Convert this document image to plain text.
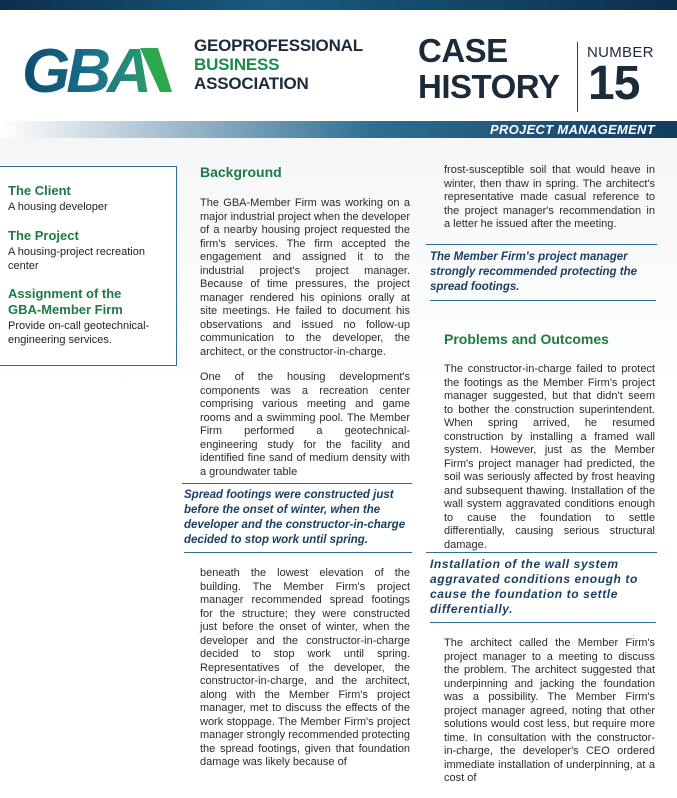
GBA	GEOPROFESSIONAL
BUSINESS
ASSOCIATION
CASE
HISTORY
NUMBER
15
PROJECT MANAGEMENT
The Client
A housing developer
The Project
A housing-project recreation center
Assignment of the
GBA-Member Firm
Provide on-call geotechnical-engineering services.
Background

The GBA-Member Firm was working on a major industrial project when the developer of a nearby housing project requested the firm's services. The firm accepted the engagement and assigned it to the industrial project's project manager. Because of time pressures, the project manager rendered his opinions orally at site meetings. He failed to document his observations and issued no follow-up communication to the developer, the architect, or the constructor-in-charge.

One of the housing development's components was a recreation center comprising various meeting and game rooms and a swimming pool. The Member Firm performed a geotechnical-engineering study for the facility and identified fine sand of medium density with a groundwater table

Spread footings were constructed just before the onset of winter, when the developer and the constructor-in-charge decided to stop work until spring.

beneath the lowest elevation of the building. The Member Firm's project manager recommended spread footings for the structure; they were constructed just before the onset of winter, when the developer and the constructor-in-charge decided to stop work until spring. Representatives of the developer, the constructor-in-charge, and the architect, along with the Member Firm's project manager, met to discuss the effects of the work stoppage. The Member Firm's project manager strongly recommended protecting the spread footings, given that foundation damage was likely because of

frost-susceptible soil that would heave in winter, then thaw in spring. The architect's representative made casual reference to the project manager's recommendation in a letter he issued after the meeting.

The Member Firm's project manager strongly recommended protecting the spread footings.
Problems and Outcomes

The constructor-in-charge failed to protect the footings as the Member Firm's project manager suggested, but that didn't seem to bother the construction superintendent. When spring arrived, he resumed construction by installing a framed wall system. However, just as the Member Firm's project manager had predicted, the soil was seriously affected by frost heaving and subsequent thawing. Installation of the wall system aggravated conditions enough to cause the foundation to settle differentially, causing serious structural damage.

Installation of the wall system aggravated conditions enough to cause the foundation to settle differentially.

The architect called the Member Firm's project manager to a meeting to discuss the problem. The architect suggested that underpinning and jacking the foundation was a possibility. The Member Firm's project manager agreed, noting that other solutions would cost less, but require more time. In consultation with the constructor-in-charge, the developer's CEO ordered immediate installation of underpinning, at a cost of
